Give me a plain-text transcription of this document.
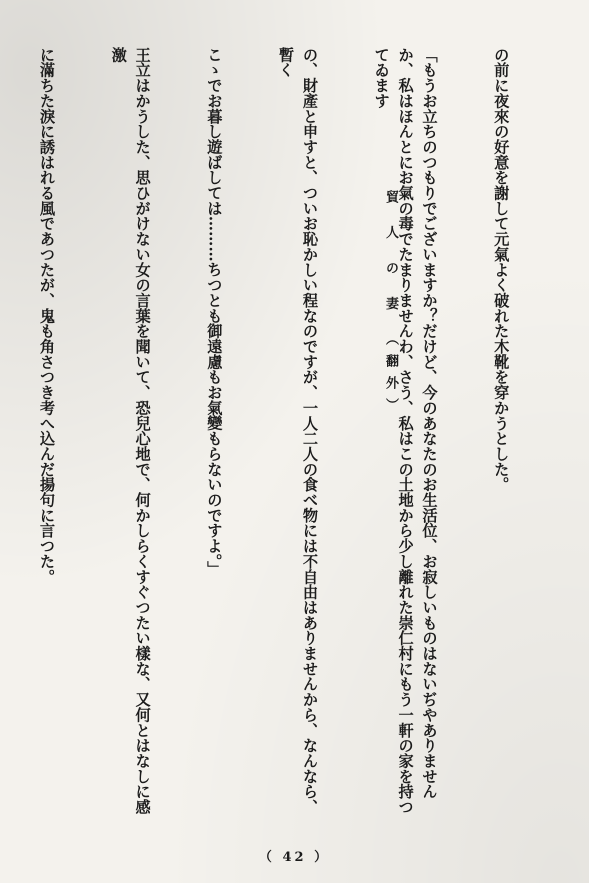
貿 人 の 妻 （翻外）

	の前に夜來の好意を謝して元氣よく破れた木靴を穿かうとした。

「もうお立ちのつもりでございますか？だけど、今のあなたのお生活位、お寂しいものはないぢやありませんか、私はほんとにお氣の毒でたまりませんわ、さう、私はこの土地から少し離れた崇仁村にもう一軒の家を持つてゐます

の、財產と申すと、ついお恥かしい程なのですが、一人二人の食べ物には不自由はありませんから、なんなら、暫く

こゝでお暮し遊ばしては………ちつとも御遠慮もお氣變もらないのですよ。」

王立はかうした、思ひがけない女の言葉を聞いて、恐兒心地で、何かしらくすぐつたい樣な、又何とはなしに感激

に滿ちた淚に誘はれる風であつたが、鬼も角さつき考へ込んだ揚句に言つた。

（ 42 ）
